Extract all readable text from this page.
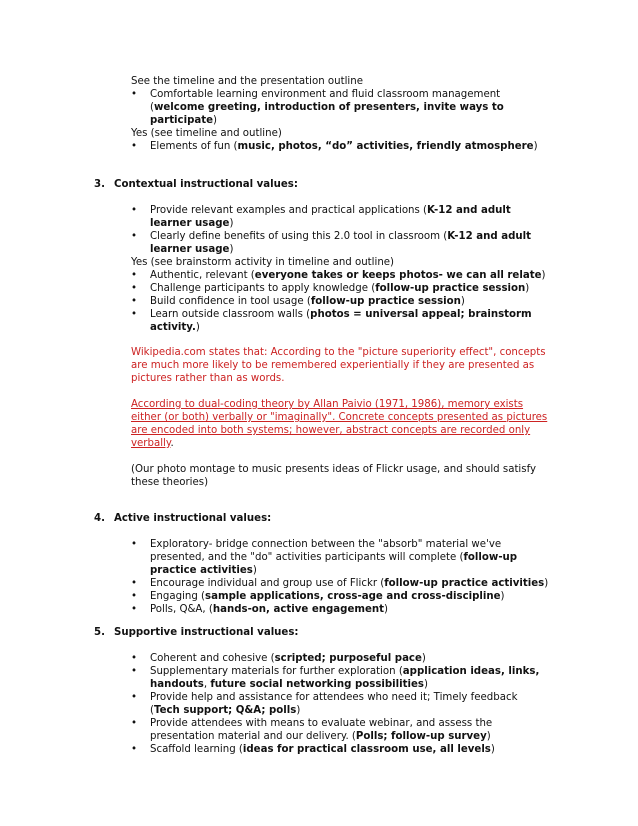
See the timeline and the presentation outline
• Comfortable learning environment and fluid classroom management
(welcome greeting, introduction of presenters, invite ways to
participate)
Yes (see timeline and outline)
• Elements of fun (music, photos, “do” activities, friendly atmosphere)
3. Contextual instructional values:
• Provide relevant examples and practical applications (K-12 and adult
learner usage)
• Clearly define benefits of using this 2.0 tool in classroom (K-12 and adult
learner usage)
Yes (see brainstorm activity in timeline and outline)
• Authentic, relevant (everyone takes or keeps photos- we can all relate)
• Challenge participants to apply knowledge (follow-up practice session)
• Build confidence in tool usage (follow-up practice session)
• Learn outside classroom walls (photos = universal appeal; brainstorm
activity.)
Wikipedia.com states that: According to the "picture superiority effect", concepts
are much more likely to be remembered experientially if they are presented as
pictures rather than as words.
According to dual-coding theory by Allan Paivio (1971, 1986), memory exists
either (or both) verbally or "imaginally". Concrete concepts presented as pictures
are encoded into both systems; however, abstract concepts are recorded only
verbally.
(Our photo montage to music presents ideas of Flickr usage, and should satisfy
these theories)
4. Active instructional values:
• Exploratory- bridge connection between the "absorb" material we've
presented, and the "do" activities participants will complete (follow-up
practice activities)
• Encourage individual and group use of Flickr (follow-up practice activities)
• Engaging (sample applications, cross-age and cross-discipline)
• Polls, Q&A, (hands-on, active engagement)
5. Supportive instructional values:
• Coherent and cohesive (scripted; purposeful pace)
• Supplementary materials for further exploration (application ideas, links,
handouts, future social networking possibilities)
• Provide help and assistance for attendees who need it; Timely feedback
(Tech support; Q&A; polls)
• Provide attendees with means to evaluate webinar, and assess the
presentation material and our delivery. (Polls; follow-up survey)
• Scaffold learning (ideas for practical classroom use, all levels)
